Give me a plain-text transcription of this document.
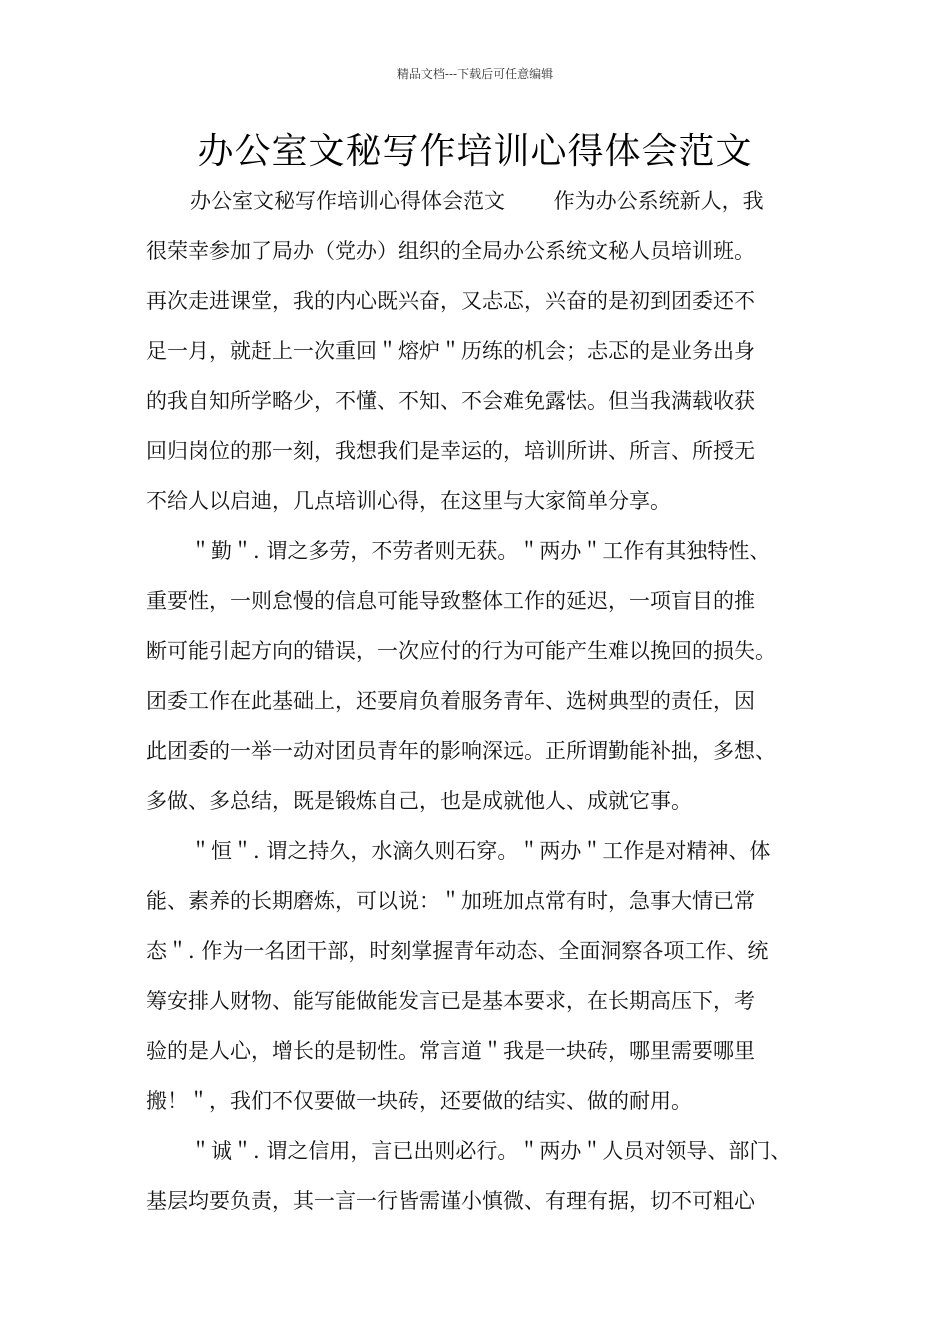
精品文档---下载后可任意编辑
办公室文秘写作培训心得体会范文
办公室文秘写作培训心得体会范文　　 作为办公系统新人，我
很荣幸参加了局办（党办）组织的全局办公系统文秘人员培训班。
再次走进课堂，我的内心既兴奋，又忐忑，兴奋的是初到团委还不
足一月，就赶上一次重回＂熔炉＂历练的机会；忐忑的是业务出身
的我自知所学略少，不懂、不知、不会难免露怯。但当我满载收获
回归岗位的那一刻，我想我们是幸运的，培训所讲、所言、所授无
不给人以启迪，几点培训心得，在这里与大家简单分享。
＂勤＂. 谓之多劳，不劳者则无获。＂两办＂工作有其独特性、
重要性，一则怠慢的信息可能导致整体工作的延迟，一项盲目的推
断可能引起方向的错误，一次应付的行为可能产生难以挽回的损失。
团委工作在此基础上，还要肩负着服务青年、选树典型的责任，因
此团委的一举一动对团员青年的影响深远。正所谓勤能补拙，多想、
多做、多总结，既是锻炼自己，也是成就他人、成就它事。
＂恒＂. 谓之持久，水滴久则石穿。＂两办＂工作是对精神、体
能、素养的长期磨炼，可以说：＂加班加点常有时，急事大情已常
态＂. 作为一名团干部，时刻掌握青年动态、全面洞察各项工作、统
筹安排人财物、能写能做能发言已是基本要求，在长期高压下，考
验的是人心，增长的是韧性。常言道＂我是一块砖，哪里需要哪里
搬！＂，我们不仅要做一块砖，还要做的结实、做的耐用。
＂诚＂. 谓之信用，言已出则必行。＂两办＂人员对领导、部门、
基层均要负责，其一言一行皆需谨小慎微、有理有据，切不可粗心
